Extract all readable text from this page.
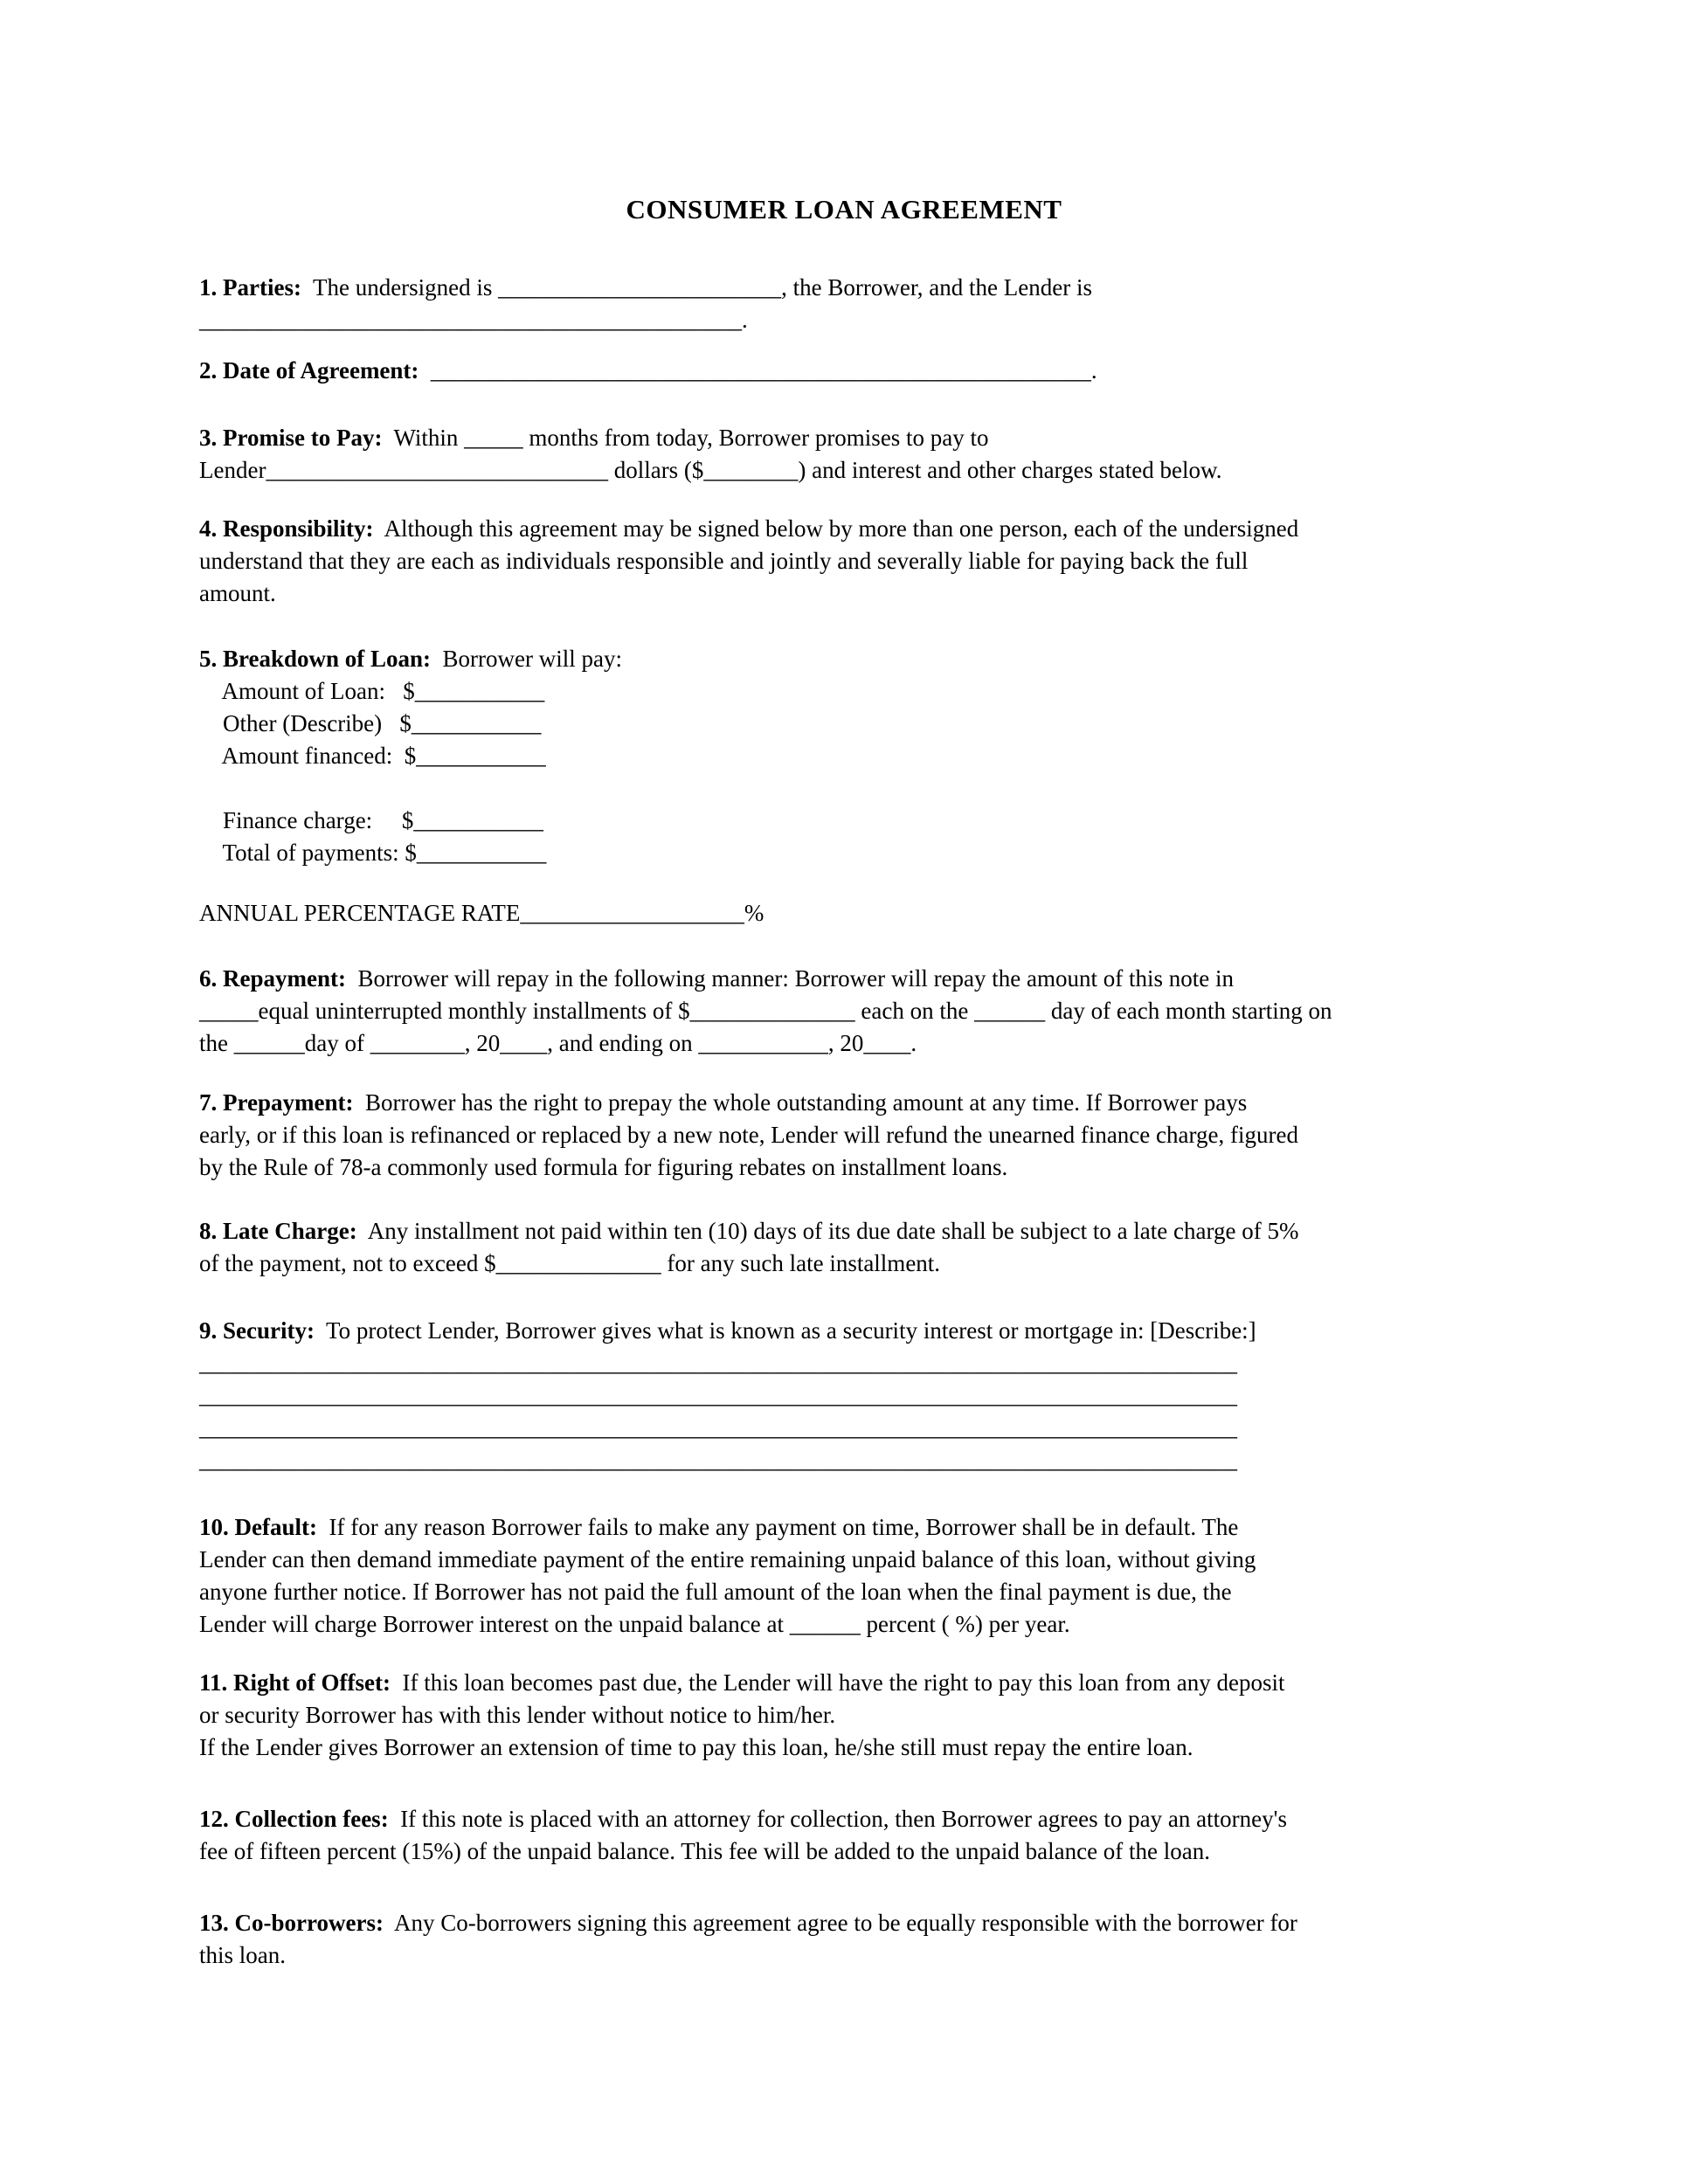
CONSUMER LOAN AGREEMENT
1. Parties:  The undersigned is ________________________, the Borrower, and the Lender is
______________________________________________.
2. Date of Agreement:  ________________________________________________________.
3. Promise to Pay:  Within _____ months from today, Borrower promises to pay to
Lender_____________________________ dollars ($________) and interest and other charges stated below.
4. Responsibility:  Although this agreement may be signed below by more than one person, each of the undersigned
understand that they are each as individuals responsible and jointly and severally liable for paying back the full
amount.
5. Breakdown of Loan:  Borrower will pay:
Amount of Loan:   $___________
Other (Describe)   $___________
Amount financed:  $___________

Finance charge:     $___________
Total of payments: $___________
ANNUAL PERCENTAGE RATE___________________%
6. Repayment:  Borrower will repay in the following manner: Borrower will repay the amount of this note in
_____equal uninterrupted monthly installments of $______________ each on the ______ day of each month starting on
the ______day of ________, 20____, and ending on ___________, 20____.
7. Prepayment:  Borrower has the right to prepay the whole outstanding amount at any time. If Borrower pays
early, or if this loan is refinanced or replaced by a new note, Lender will refund the unearned finance charge, figured
by the Rule of 78-a commonly used formula for figuring rebates on installment loans.
8. Late Charge:  Any installment not paid within ten (10) days of its due date shall be subject to a late charge of 5%
of the payment, not to exceed $______________ for any such late installment.
9. Security:  To protect Lender, Borrower gives what is known as a security interest or mortgage in: [Describe:]
________________________________________________________________________________________
________________________________________________________________________________________
________________________________________________________________________________________
________________________________________________________________________________________
10. Default:  If for any reason Borrower fails to make any payment on time, Borrower shall be in default. The
Lender can then demand immediate payment of the entire remaining unpaid balance of this loan, without giving
anyone further notice. If Borrower has not paid the full amount of the loan when the final payment is due, the
Lender will charge Borrower interest on the unpaid balance at ______ percent ( %) per year.
11. Right of Offset:  If this loan becomes past due, the Lender will have the right to pay this loan from any deposit
or security Borrower has with this lender without notice to him/her.
If the Lender gives Borrower an extension of time to pay this loan, he/she still must repay the entire loan.
12. Collection fees:  If this note is placed with an attorney for collection, then Borrower agrees to pay an attorney's
fee of fifteen percent (15%) of the unpaid balance. This fee will be added to the unpaid balance of the loan.
13. Co-borrowers:  Any Co-borrowers signing this agreement agree to be equally responsible with the borrower for
this loan.
